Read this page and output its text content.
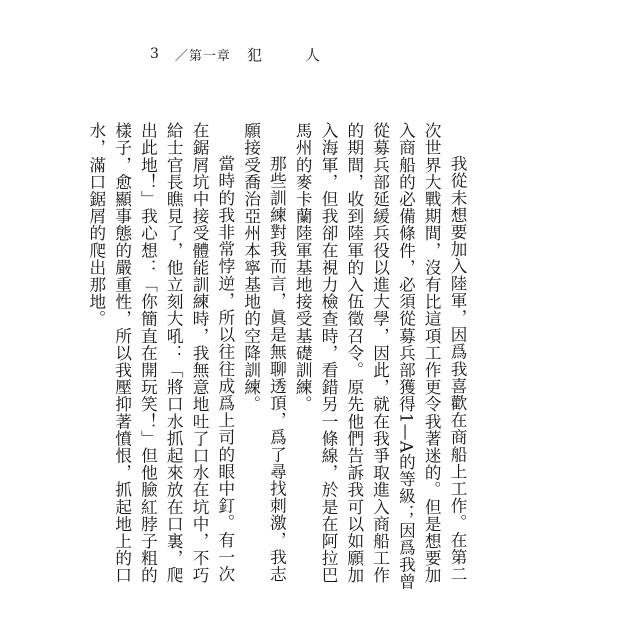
3 ／第一章 犯　人

我從未想要加入陸軍，因爲我喜歡在商船上工作。在第二次世界大戰期間，沒有比這項工作更令我著迷的。但是想要加入商船的必備條件，必須從募兵部獲得1—A的等級；因爲我曾從募兵部延緩兵役以進大學，因此，就在我爭取進入商船工作的期間，收到陸軍的入伍徵召令。原先他們告訴我可以如願加入海軍，但我卻在視力檢查時，看錯另一條線，於是在阿拉巴馬州的麥卡蘭陸軍基地接受基礎訓練。

那些訓練對我而言，眞是無聊透頂，爲了尋找刺激，我志願接受喬治亞州本寧基地的空降訓練。

當時的我非常悖逆，所以往往成爲上司的眼中釘。有一次在鋸屑坑中接受體能訓練時，我無意地吐了口水在坑中，不巧給士官長瞧見了，他立刻大吼：「將口水抓起來放在口裏，爬出此地！」我心想：「你簡直在開玩笑！」但他臉紅脖子粗的樣子，愈顯事態的嚴重性，所以我壓抑著憤恨，抓起地上的口水，滿口鋸屑的爬出那地。
